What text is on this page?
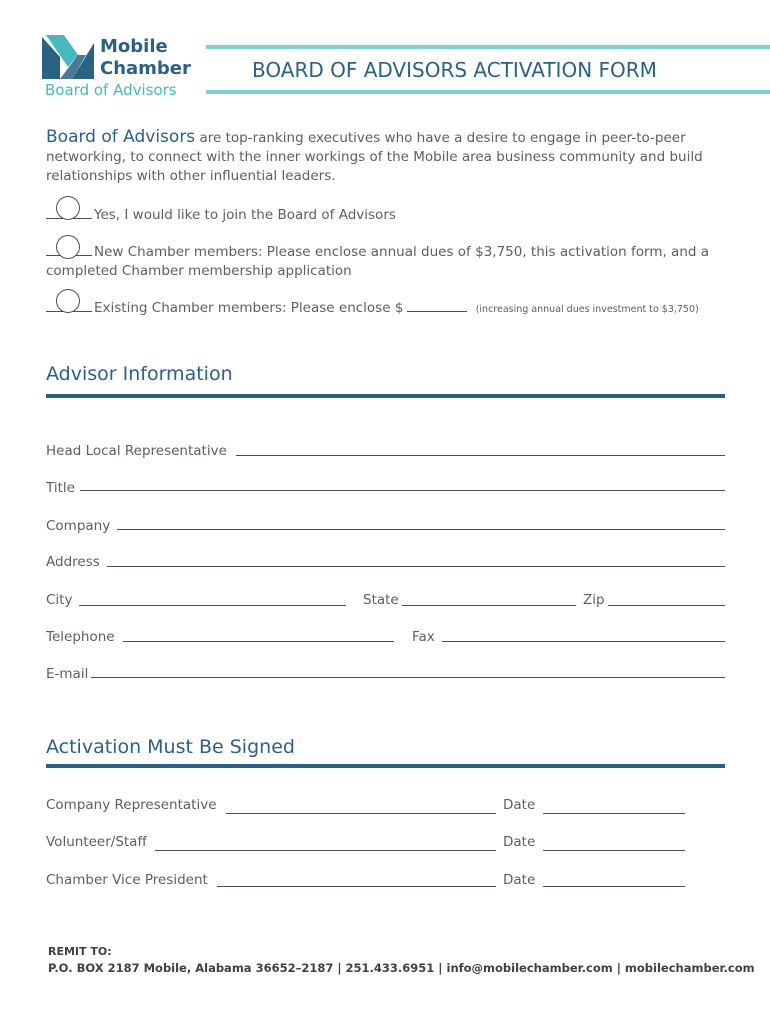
Mobile
Chamber
Board of Advisors
BOARD OF ADVISORS ACTIVATION FORM
Board of Advisors are top-ranking executives who have a desire to engage in peer-to-peer networking, to connect with the inner workings of the Mobile area business community and build relationships with other influential leaders.
Yes, I would like to join the Board of Advisors
New Chamber members: Please enclose annual dues of $3,750, this activation form, and a completed Chamber membership application
Existing Chamber members: Please enclose $	(increasing annual dues investment to $3,750)
Advisor Information
Head Local Representative
Title
Company
Address
City	State	Zip
Telephone	Fax
E-mail
Activation Must Be Signed
Company Representative	Date
Volunteer/Staff	Date
Chamber Vice President	Date
REMIT TO:
P.O. BOX 2187 Mobile, Alabama 36652–2187 | 251.433.6951 | info@mobilechamber.com | mobilechamber.com
